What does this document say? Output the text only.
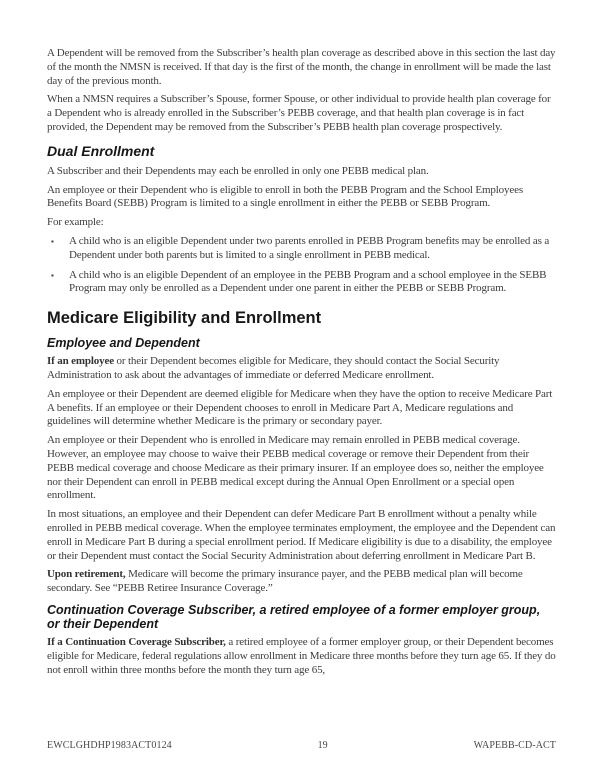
A Dependent will be removed from the Subscriber’s health plan coverage as described above in this section the last day of the month the NMSN is received. If that day is the first of the month, the change in enrollment will be made the last day of the previous month.

When a NMSN requires a Subscriber’s Spouse, former Spouse, or other individual to provide health plan coverage for a Dependent who is already enrolled in the Subscriber’s PEBB coverage, and that health plan coverage is in fact provided, the Dependent may be removed from the Subscriber’s PEBB health plan coverage prospectively.

Dual Enrollment

A Subscriber and their Dependents may each be enrolled in only one PEBB medical plan.

An employee or their Dependent who is eligible to enroll in both the PEBB Program and the School Employees Benefits Board (SEBB) Program is limited to a single enrollment in either the PEBB or SEBB Program.

For example:

▪	A child who is an eligible Dependent under two parents enrolled in PEBB Program benefits may be enrolled as a Dependent under both parents but is limited to a single enrollment in PEBB medical.
▪	A child who is an eligible Dependent of an employee in the PEBB Program and a school employee in the SEBB Program may only be enrolled as a Dependent under one parent in either the PEBB or SEBB Program.
Medicare Eligibility and Enrollment
Employee and Dependent

If an employee or their Dependent becomes eligible for Medicare, they should contact the Social Security Administration to ask about the advantages of immediate or deferred Medicare enrollment.

An employee or their Dependent are deemed eligible for Medicare when they have the option to receive Medicare Part A benefits. If an employee or their Dependent chooses to enroll in Medicare Part A, Medicare regulations and guidelines will determine whether Medicare is the primary or secondary payer.

An employee or their Dependent who is enrolled in Medicare may remain enrolled in PEBB medical coverage. However, an employee may choose to waive their PEBB medical coverage or remove their Dependent from their PEBB medical coverage and choose Medicare as their primary insurer. If an employee does so, neither the employee nor their Dependent can enroll in PEBB medical except during the Annual Open Enrollment or a special open enrollment.

In most situations, an employee and their Dependent can defer Medicare Part B enrollment without a penalty while enrolled in PEBB medical coverage. When the employee terminates employment, the employee and the Dependent can enroll in Medicare Part B during a special enrollment period. If Medicare eligibility is due to a disability, the employee or their Dependent must contact the Social Security Administration about deferring enrollment in Medicare Part B.

Upon retirement, Medicare will become the primary insurance payer, and the PEBB medical plan will become secondary. See “PEBB Retiree Insurance Coverage.”

Continuation Coverage Subscriber, a retired employee of a former employer group, or their Dependent

If a Continuation Coverage Subscriber, a retired employee of a former employer group, or their Dependent becomes eligible for Medicare, federal regulations allow enrollment in Medicare three months before they turn age 65. If they do not enroll within three months before the month they turn age 65,

EWCLGHDHP1983ACT0124	19	WAPEBB-CD-ACT
